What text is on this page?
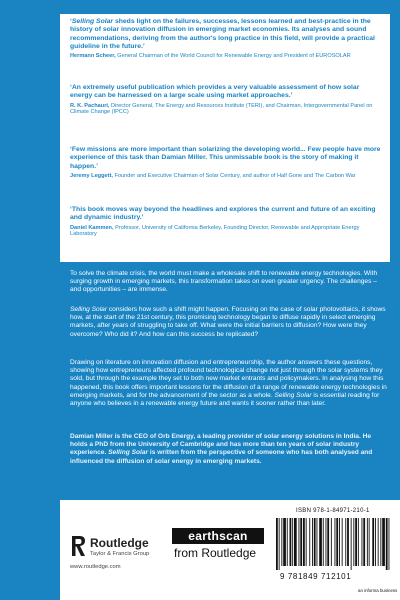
‘Selling Solar sheds light on the failures, successes, lessons learned and best-practice in the history of solar innovation diffusion in emerging market economies. Its analyses and sound recommendations, deriving from the author's long practice in this field, will provide a practical guideline in the future.’

Hermann Scheer, General Chairman of the World Council for Renewable Energy and President of EUROSOLAR

‘An extremely useful publication which provides a very valuable assessment of how solar energy can be harnessed on a large scale using market approaches.’

R. K. Pachauri, Director General, The Energy and Resources Institute (TERI), and Chairman, Intergovernmental Panel on Climate Change (IPCC)

‘Few missions are more important than solarizing the developing world... Few people have more experience of this task than Damian Miller. This unmissable book is the story of making it happen.’

Jeremy Leggett, Founder and Executive Chairman of Solar Century, and author of Half Gone and The Carbon War

‘This book moves way beyond the headlines and explores the current and future of an exciting and dynamic industry.’

Daniel Kammen, Professor, University of California Berkeley, Founding Director, Renewable and Appropriate Energy Laboratory

To solve the climate crisis, the world must make a wholesale shift to renewable energy technologies. With surging growth in emerging markets, this transformation takes on even greater urgency. The challenges – and opportunities – are immense.

Selling Solar considers how such a shift might happen. Focusing on the case of solar photovoltaics, it shows how, at the start of the 21st century, this promising technology began to diffuse rapidly in select emerging markets, after years of struggling to take off. What were the initial barriers to diffusion? How were they overcome? Who did it? And how can this success be replicated?

Drawing on literature on innovation diffusion and entrepreneurship, the author answers these questions, showing how entrepreneurs affected profound technological change not just through the solar systems they sold, but through the example they set to both new market entrants and policymakers. In analysing how this happened, this book offers important lessons for the diffusion of a range of renewable energy technologies in emerging markets, and for the advancement of the sector as a whole. Selling Solar is essential reading for anyone who believes in a renewable energy future and wants it sooner rather than later.

Damian Miller is the CEO of Orb Energy, a leading provider of solar energy solutions in India. He holds a PhD from the University of Cambridge and has more than ten years of solar industry experience. Selling Solar is written from the perspective of someone who has both analysed and influenced the diffusion of solar energy in emerging markets.

Routledge
Taylor & Francis Group
www.routledge.com
earthscan
from Routledge
ISBN 978-1-84971-210-1
9 781849 712101
an informa business
